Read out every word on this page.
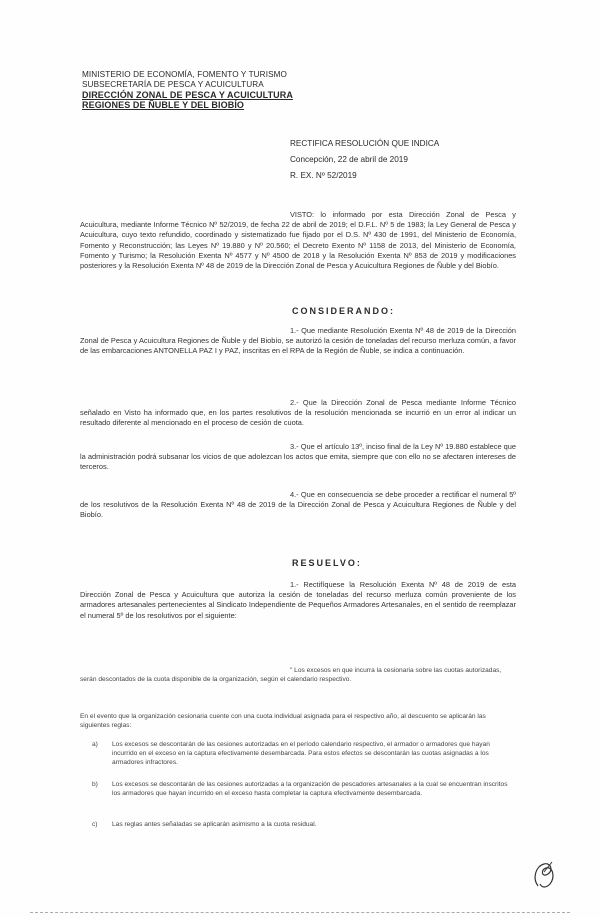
MINISTERIO DE ECONOMÍA, FOMENTO Y TURISMO
SUBSECRETARÍA DE PESCA Y ACUICULTURA
DIRECCIÓN ZONAL DE PESCA Y ACUICULTURA
REGIONES DE ÑUBLE Y DEL BIOBÍO
RECTIFICA RESOLUCIÓN QUE INDICA
Concepción, 22 de abril de 2019
R. EX. Nº 52/2019
VISTO: lo informado por esta Dirección Zonal de Pesca y Acuicultura, mediante Informe Técnico Nº 52/2019, de fecha 22 de abril de 2019; el D.F.L. Nº 5 de 1983; la Ley General de Pesca y Acuicultura, cuyo texto refundido, coordinado y sistematizado fue fijado por el D.S. Nº 430 de 1991, del Ministerio de Economía, Fomento y Reconstrucción; las Leyes Nº 19.880 y Nº 20.560; el Decreto Exento Nº 1158 de 2013, del Ministerio de Economía, Fomento y Turismo; la Resolución Exenta Nº 4577 y Nº 4500 de 2018 y la Resolución Exenta Nº 853 de 2019 y modificaciones posteriores y la Resolución Exenta Nº 48 de 2019 de la Dirección Zonal de Pesca y Acuicultura Regiones de Ñuble y del Biobío.
CONSIDERANDO:
1.- Que mediante Resolución Exenta Nº 48 de 2019 de la Dirección Zonal de Pesca y Acuicultura Regiones de Ñuble y del Biobío, se autorizó la cesión de toneladas del recurso merluza común, a favor de las embarcaciones ANTONELLA PAZ I y PAZ, inscritas en el RPA de la Región de Ñuble, se indica a continuación.
2.- Que la Dirección Zonal de Pesca mediante Informe Técnico señalado en Visto ha informado que, en los partes resolutivos de la resolución mencionada se incurrió en un error al indicar un resultado diferente al mencionado en el proceso de cesión de cuota.
3.- Que el artículo 13º, inciso final de la Ley Nº 19.880 establece que la administración podrá subsanar los vicios de que adolezcan los actos que emita, siempre que con ello no se afectaren intereses de terceros.
4.- Que en consecuencia se debe proceder a rectificar el numeral 5º de los resolutivos de la Resolución Exenta Nº 48 de 2019 de la Dirección Zonal de Pesca y Acuicultura Regiones de Ñuble y del Biobío.
RESUELVO:
1.- Rectifíquese la Resolución Exenta Nº 48 de 2019 de esta Dirección Zonal de Pesca y Acuicultura que autoriza la cesión de toneladas del recurso merluza común proveniente de los armadores artesanales pertenecientes al Sindicato Independiente de Pequeños Armadores Artesanales, en el sentido de reemplazar el numeral 5º de los resolutivos por el siguiente:
" Los excesos en que incurra la cesionaria sobre las cuotas autorizadas, serán descontados de la cuota disponible de la organización, según el calendario respectivo.
En el evento que la organización cesionaria cuente con una cuota individual asignada para el respectivo año, al descuento se aplicarán las siguientes reglas:
a) Los excesos se descontarán de las cesiones autorizadas en el período calendario respectivo, el armador o armadores que hayan incurrido en el exceso en la captura efectivamente desembarcada. Para estos efectos se descontarán las cuotas asignadas a los armadores infractores.
b) Los excesos se descontarán de las cesiones autorizadas a la organización de pescadores artesanales a la cual se encuentran inscritos los armadores que hayan incurrido en el exceso hasta completar la captura efectivamente desembarcada.
c) Las reglas antes señaladas se aplicarán asimismo a la cuota residual.
